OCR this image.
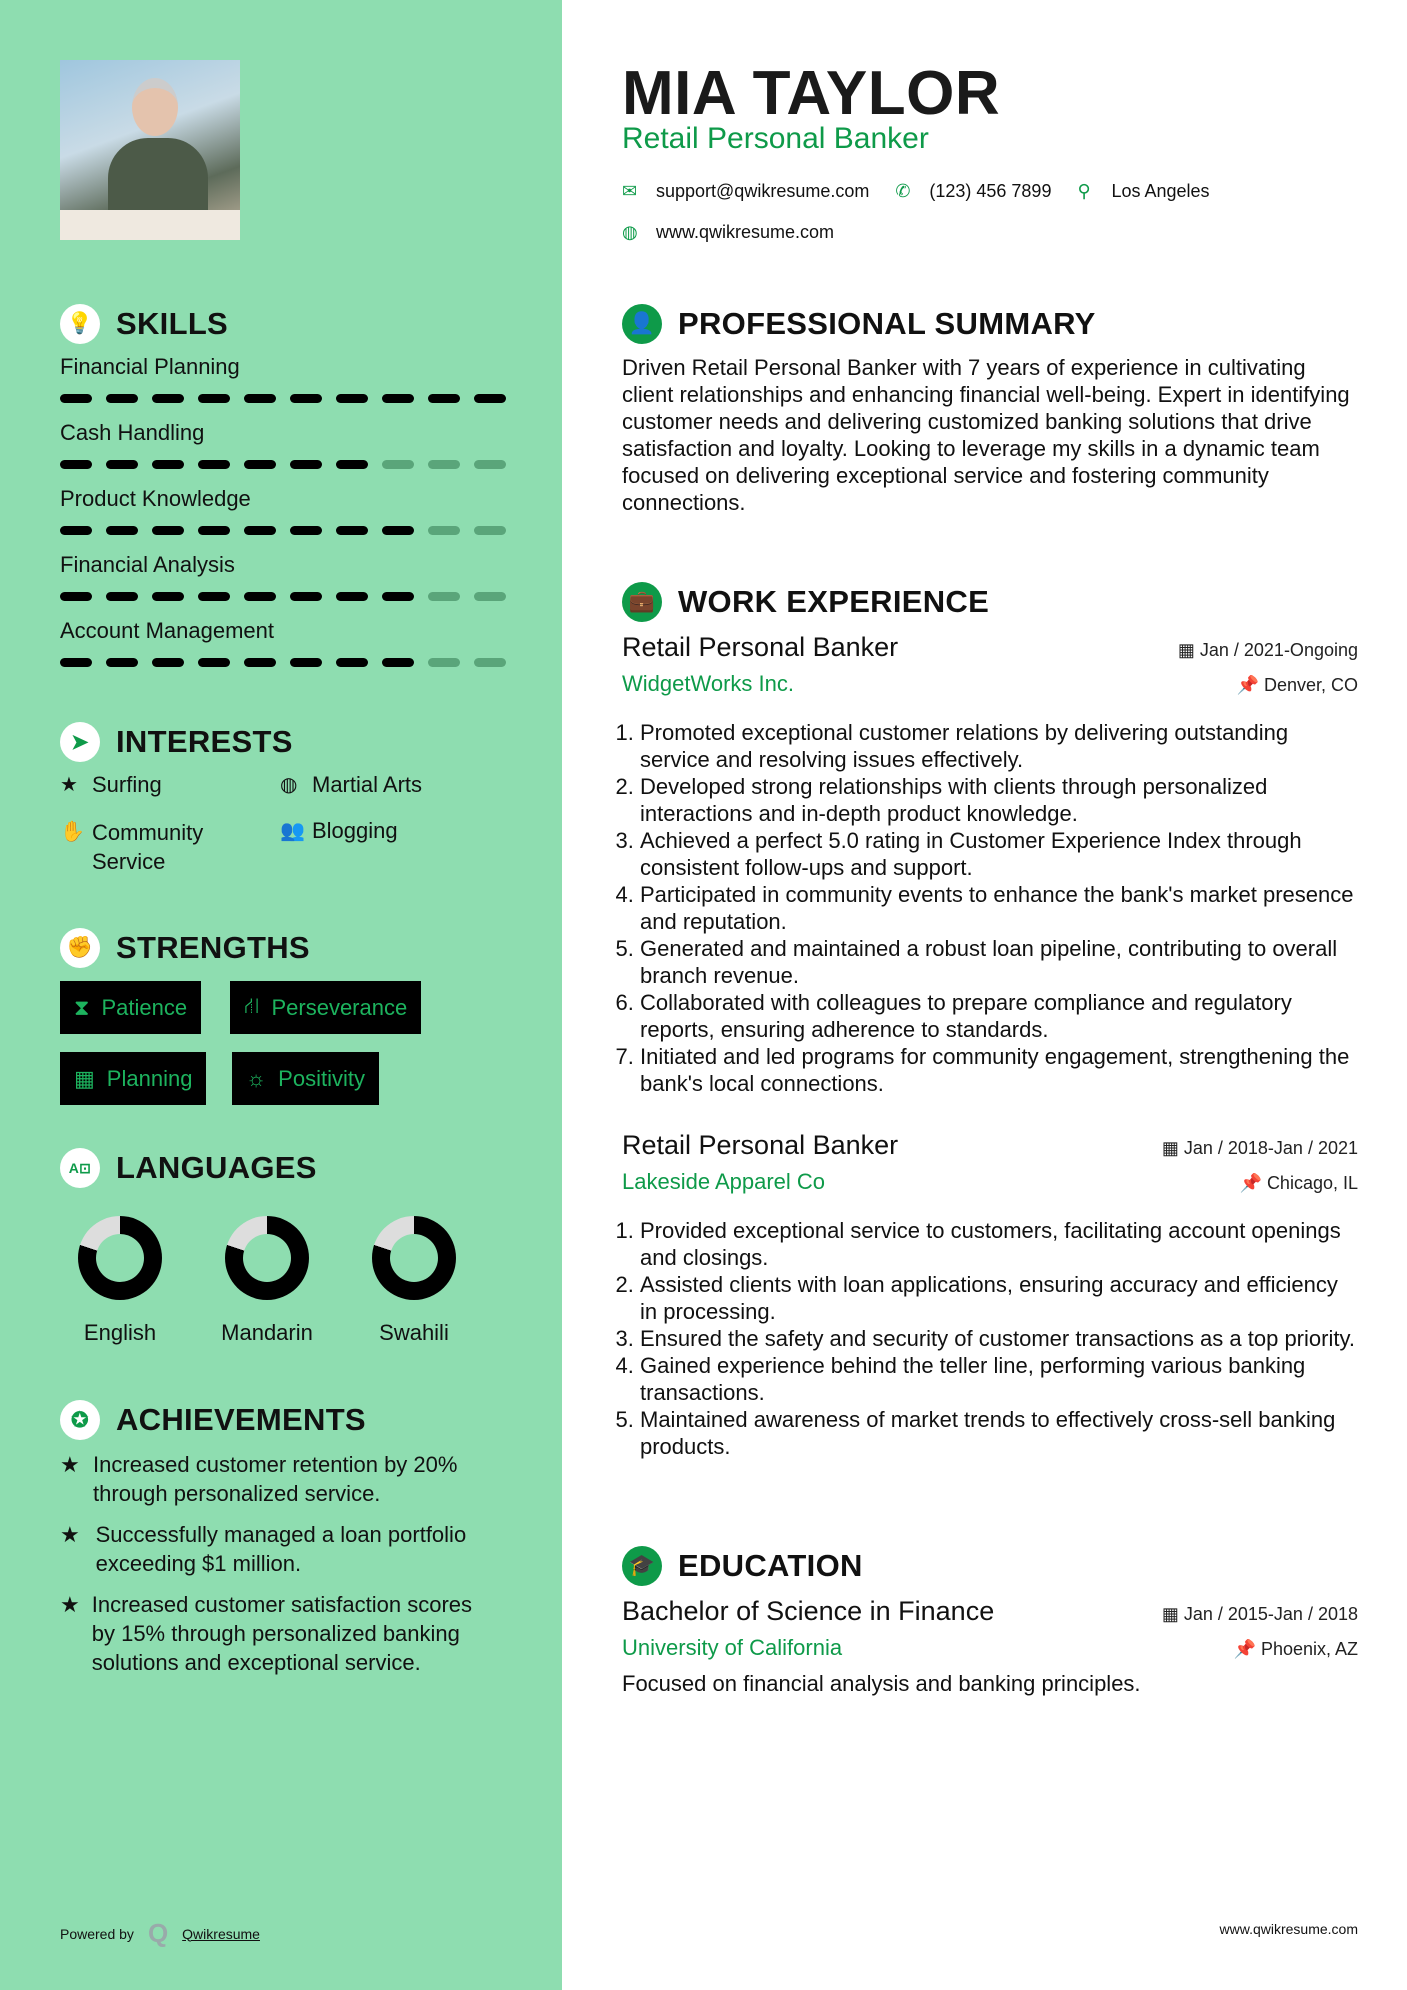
💡 SKILLS
Financial Planning
Cash Handling
Product Knowledge
Financial Analysis
Account Management
➤ INTERESTS
★ Surfing	◍ Martial Arts
✋ Community Service
👥 Blogging
✊ STRENGTHS
⧗ Patience	⛙ Perseverance
▦ Planning ☼ Positivity
A⊡ LANGUAGES
English	Mandarin	Swahili
✪ ACHIEVEMENTS
★ Increased customer retention by 20% through personalized service.
★ Successfully managed a loan portfolio exceeding $1 million.
★ Increased customer satisfaction scores by 15% through personalized banking solutions and exceptional service.
Powered by Q Qwikresume
MIA TAYLOR
Retail Personal Banker
✉	support@qwikresume.com ✆	(123) 456 7899 ⚲	Los Angeles
◍	www.qwikresume.com
👤 PROFESSIONAL SUMMARY
Driven Retail Personal Banker with 7 years of experience in cultivating client relationships and enhancing financial well-being. Expert in identifying customer needs and delivering customized banking solutions that drive satisfaction and loyalty. Looking to leverage my skills in a dynamic team focused on delivering exceptional service and fostering community connections.
💼 WORK EXPERIENCE
Retail Personal Banker	▦ Jan / 2021-Ongoing
WidgetWorks Inc.	📌 Denver, CO
1. Promoted exceptional customer relations by delivering outstanding service and resolving issues effectively.
2. Developed strong relationships with clients through personalized interactions and in-depth product knowledge.
3. Achieved a perfect 5.0 rating in Customer Experience Index through consistent follow-ups and support.
4. Participated in community events to enhance the bank's market presence and reputation.
5. Generated and maintained a robust loan pipeline, contributing to overall branch revenue.
6. Collaborated with colleagues to prepare compliance and regulatory reports, ensuring adherence to standards.
7. Initiated and led programs for community engagement, strengthening the bank's local connections.
Retail Personal Banker	▦ Jan / 2018-Jan / 2021
Lakeside Apparel Co	📌 Chicago, IL
1. Provided exceptional service to customers, facilitating account openings and closings.
2. Assisted clients with loan applications, ensuring accuracy and efficiency in processing.
3. Ensured the safety and security of customer transactions as a top priority.
4. Gained experience behind the teller line, performing various banking transactions.
5. Maintained awareness of market trends to effectively cross-sell banking products.
🎓 EDUCATION
Bachelor of Science in Finance	▦ Jan / 2015-Jan / 2018
University of California	📌 Phoenix, AZ
Focused on financial analysis and banking principles.
www.qwikresume.com
